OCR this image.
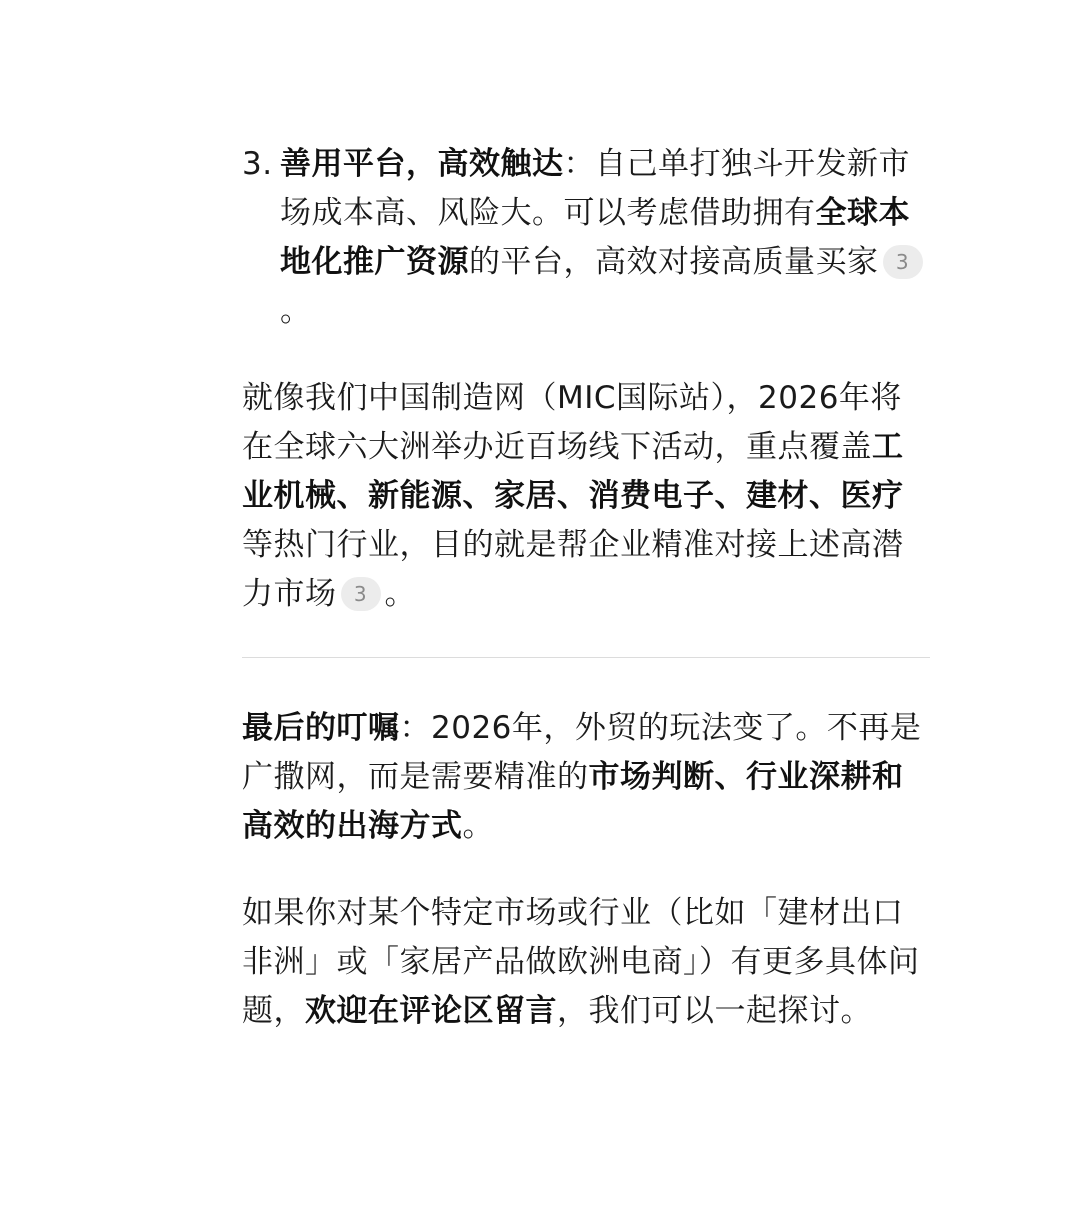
3. 善用平台，高效触达：自己单打独斗开发新市场成本高、风险大。可以考虑借助拥有全球本地化推广资源的平台，高效对接高质量买家 3。

就像我们中国制造网（MIC国际站），2026年将在全球六大洲举办近百场线下活动，重点覆盖工业机械、新能源、家居、消费电子、建材、医疗等热门行业，目的就是帮企业精准对接上述高潜力市场 3 。

最后的叮嘱：2026年，外贸的玩法变了。不再是广撒网，而是需要精准的市场判断、行业深耕和高效的出海方式。

如果你对某个特定市场或行业（比如「建材出口非洲」或「家居产品做欧洲电商」）有更多具体问题，欢迎在评论区留言，我们可以一起探讨。
